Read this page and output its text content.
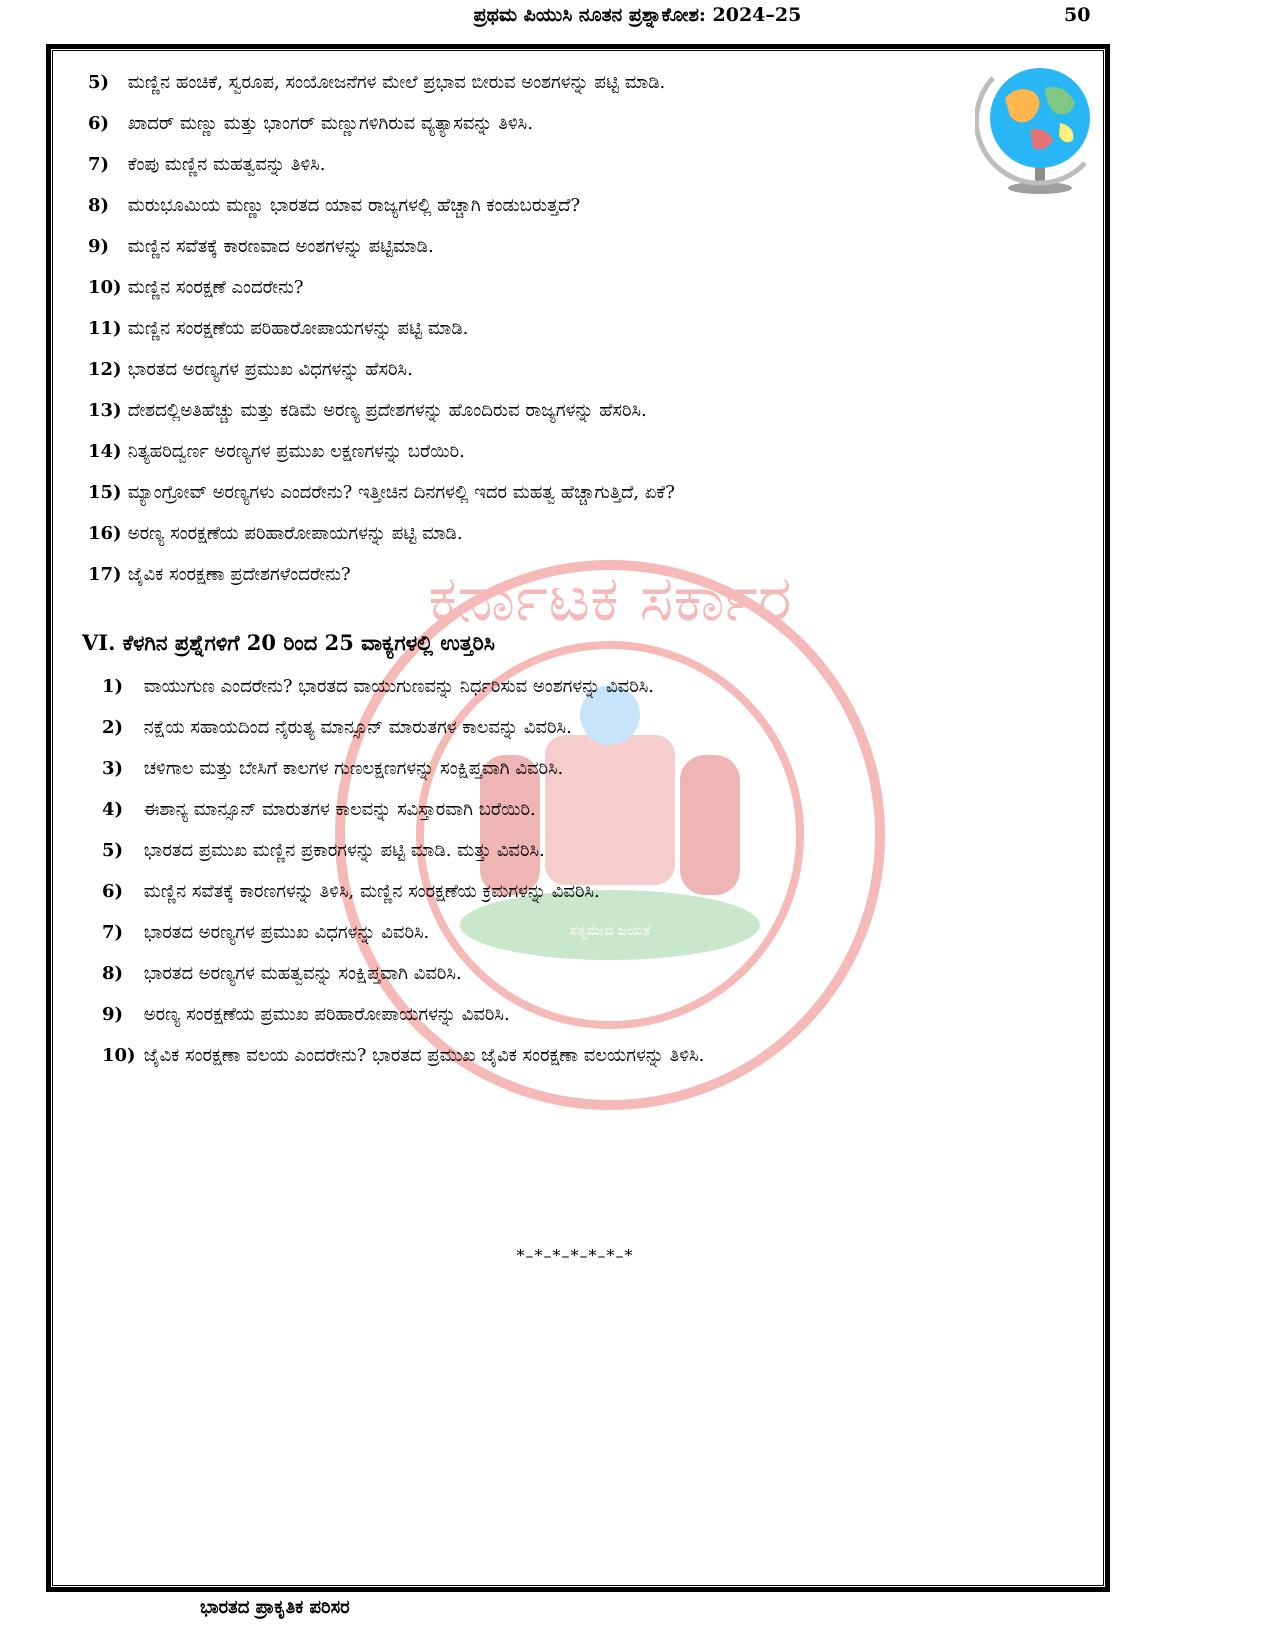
ಪ್ರಥಮ ಪಿಯುಸಿ ನೂತನ ಪ್ರಶ್ನಾಕೋಶ: 2024–25	50
ಕರ್ನಾಟಕ ಸರ್ಕಾರ
ಸತ್ಯಮೇವ ಜಯತೆ
5) ಮಣ್ಣಿನ ಹಂಚಿಕೆ, ಸ್ವರೂಪ, ಸಂಯೋಜನೆಗಳ ಮೇಲೆ ಪ್ರಭಾವ ಬೀರುವ ಅಂಶಗಳನ್ನು ಪಟ್ಟಿ ಮಾಡಿ.
6) ಖಾದರ್ ಮಣ್ಣು ಮತ್ತು ಭಾಂಗರ್ ಮಣ್ಣುಗಳಿಗಿರುವ ವ್ಯತ್ಯಾಸವನ್ನು ತಿಳಿಸಿ.
7) ಕೆಂಪು ಮಣ್ಣಿನ ಮಹತ್ವವನ್ನು ತಿಳಿಸಿ.
8) ಮರುಭೂಮಿಯ ಮಣ್ಣು ಭಾರತದ ಯಾವ ರಾಜ್ಯಗಳಲ್ಲಿ ಹೆಚ್ಚಾಗಿ ಕಂಡುಬರುತ್ತದೆ?
9) ಮಣ್ಣಿನ ಸವೆತಕ್ಕೆ ಕಾರಣವಾದ ಅಂಶಗಳನ್ನು ಪಟ್ಟಿಮಾಡಿ.
10) ಮಣ್ಣಿನ ಸಂರಕ್ಷಣೆ ಎಂದರೇನು?
11) ಮಣ್ಣಿನ ಸಂರಕ್ಷಣೆಯ ಪರಿಹಾರೋಪಾಯಗಳನ್ನು ಪಟ್ಟಿ ಮಾಡಿ.
12) ಭಾರತದ ಅರಣ್ಯಗಳ ಪ್ರಮುಖ ವಿಧಗಳನ್ನು ಹೆಸರಿಸಿ.
13) ದೇಶದಲ್ಲಿಅತಿಹೆಚ್ಚು ಮತ್ತು ಕಡಿಮೆ ಅರಣ್ಯ ಪ್ರದೇಶಗಳನ್ನು ಹೊಂದಿರುವ ರಾಜ್ಯಗಳನ್ನು ಹೆಸರಿಸಿ.
14) ನಿತ್ಯಹರಿದ್ವರ್ಣ ಅರಣ್ಯಗಳ ಪ್ರಮುಖ ಲಕ್ಷಣಗಳನ್ನು ಬರೆಯಿರಿ.
15) ಮ್ಯಾಂಗ್ರೋವ್ ಅರಣ್ಯಗಳು ಎಂದರೇನು? ಇತ್ತೀಚಿನ ದಿನಗಳಲ್ಲಿ ಇದರ ಮಹತ್ವ ಹೆಚ್ಚಾಗುತ್ತಿದೆ, ಏಕೆ?
16) ಅರಣ್ಯ ಸಂರಕ್ಷಣೆಯ ಪರಿಹಾರೋಪಾಯಗಳನ್ನು ಪಟ್ಟಿ ಮಾಡಿ.
17) ಜೈವಿಕ ಸಂರಕ್ಷಣಾ ಪ್ರದೇಶಗಳೆಂದರೇನು?
VI. ಕೆಳಗಿನ ಪ್ರಶ್ನೆಗಳಿಗೆ 20 ರಿಂದ 25 ವಾಕ್ಯಗಳಲ್ಲಿ ಉತ್ತರಿಸಿ
1) ವಾಯುಗುಣ ಎಂದರೇನು? ಭಾರತದ ವಾಯುಗುಣವನ್ನು ನಿರ್ಧರಿಸುವ ಅಂಶಗಳನ್ನು ವಿವರಿಸಿ.
2) ನಕ್ಷೆಯ ಸಹಾಯದಿಂದ ನೈರುತ್ಯ ಮಾನ್ಸೂನ್ ಮಾರುತಗಳ ಕಾಲವನ್ನು ವಿವರಿಸಿ.
3) ಚಳಿಗಾಲ ಮತ್ತು ಬೇಸಿಗೆ ಕಾಲಗಳ ಗುಣಲಕ್ಷಣಗಳನ್ನು ಸಂಕ್ಷಿಪ್ತವಾಗಿ ವಿವರಿಸಿ.
4) ಈಶಾನ್ಯ ಮಾನ್ಸೂನ್ ಮಾರುತಗಳ ಕಾಲವನ್ನು ಸವಿಸ್ತಾರವಾಗಿ ಬರೆಯಿರಿ.
5) ಭಾರತದ ಪ್ರಮುಖ ಮಣ್ಣಿನ ಪ್ರಕಾರಗಳನ್ನು ಪಟ್ಟಿ ಮಾಡಿ. ಮತ್ತು ವಿವರಿಸಿ.
6) ಮಣ್ಣಿನ ಸವೆತಕ್ಕೆ ಕಾರಣಗಳನ್ನು ತಿಳಿಸಿ, ಮಣ್ಣಿನ ಸಂರಕ್ಷಣೆಯ ಕ್ರಮಗಳನ್ನು ವಿವರಿಸಿ.
7) ಭಾರತದ ಅರಣ್ಯಗಳ ಪ್ರಮುಖ ವಿಧಗಳನ್ನು ವಿವರಿಸಿ.
8) ಭಾರತದ ಅರಣ್ಯಗಳ ಮಹತ್ವವನ್ನು ಸಂಕ್ಷಿಪ್ತವಾಗಿ ವಿವರಿಸಿ.
9) ಅರಣ್ಯ ಸಂರಕ್ಷಣೆಯ ಪ್ರಮುಖ ಪರಿಹಾರೋಪಾಯಗಳನ್ನು ವಿವರಿಸಿ.
10) ಜೈವಿಕ ಸಂರಕ್ಷಣಾ ವಲಯ ಎಂದರೇನು? ಭಾರತದ ಪ್ರಮುಖ ಜೈವಿಕ ಸಂರಕ್ಷಣಾ ವಲಯಗಳನ್ನು ತಿಳಿಸಿ.
*–*–*–*–*–*–*
ಭಾರತದ ಪ್ರಾಕೃತಿಕ ಪರಿಸರ
